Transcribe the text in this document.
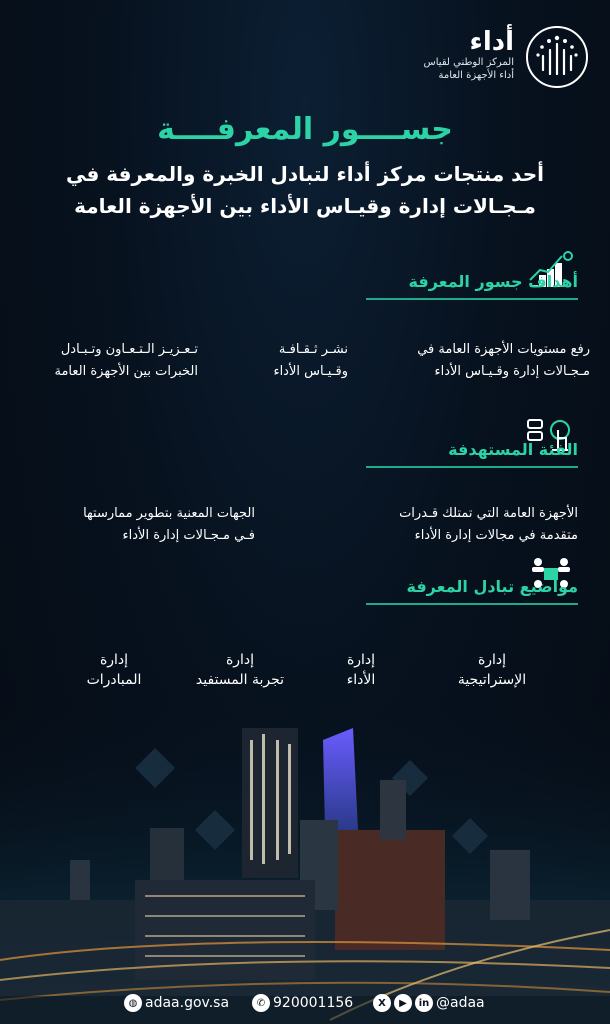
أداء
المركز الوطني لقياس
أداء الأجهزة العامة
جســــور المعرفــــة
أحد منتجات مركز أداء لتبادل الخبرة والمعرفة في
مـجـالات إدارة وقيـاس الأداء بين الأجهزة العامة
أهداف جسور المعرفة
رفع مستويات الأجهزة العامة في
مـجـالات إدارة وقـيـاس الأداء
نشـر ثـقـافـة
وقـيـاس الأداء
تـعـزيـز الـتـعـاون وتـبـادل
الخبرات بين الأجهزة العامة
الفئة المستهدفة
الأجهزة العامة التي تمتلك قـدرات
متقدمة في مجالات إدارة الأداء
الجهات المعنية بتطوير ممارستها
فـي مـجـالات إدارة الأداء
مواضيع تبادل المعرفة
إدارة
الإستراتيجية
إدارة
الأداء
إدارة
تجربة المستفيد
إدارة
المبادرات
◍ adaa.gov.sa	✆ 920001156	X	▶	in @adaa
